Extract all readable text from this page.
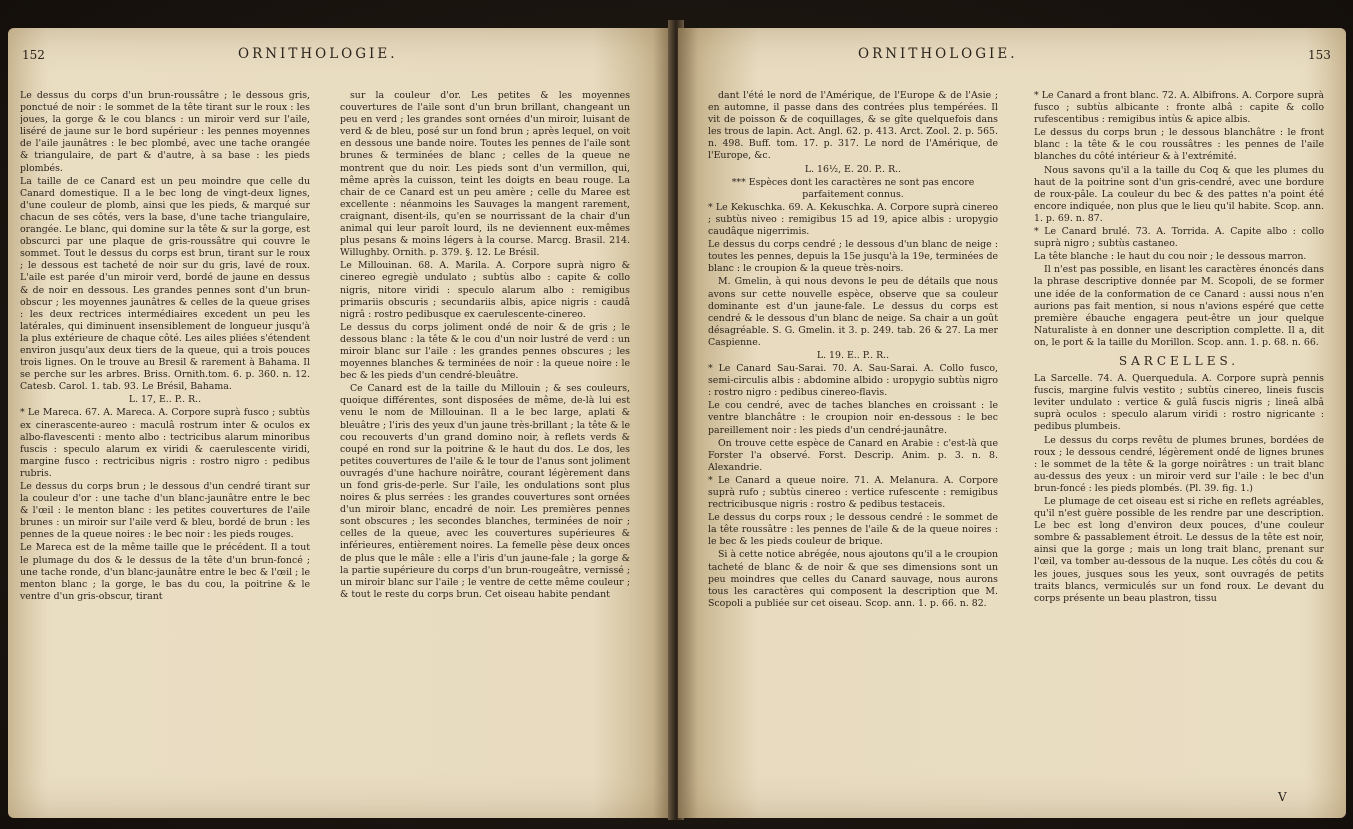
152	ORNITHOLOGIE.

Le dessus du corps d'un brun-roussâtre ; le dessous gris, ponctué de noir : le sommet de la tête tirant sur le roux : les joues, la gorge & le cou blancs : un miroir verd sur l'aile, liséré de jaune sur le bord supérieur : les pennes moyennes de l'aile jaunâtres : le bec plombé, avec une tache orangée & triangulaire, de part & d'autre, à sa base : les pieds plombés.

La taille de ce Canard est un peu moindre que celle du Canard domestique. Il a le bec long de vingt-deux lignes, d'une couleur de plomb, ainsi que les pieds, & marqué sur chacun de ses côtés, vers la base, d'une tache triangulaire, orangée. Le blanc, qui domine sur la tête & sur la gorge, est obscurci par une plaque de gris-roussâtre qui couvre le sommet. Tout le dessus du corps est brun, tirant sur le roux ; le dessous est tacheté de noir sur du gris, lavé de roux. L'aile est parée d'un miroir verd, bordé de jaune en dessus & de noir en dessous. Les grandes pennes sont d'un brun-obscur ; les moyennes jaunâtres & celles de la queue grises : les deux rectrices intermédiaires excedent un peu les latérales, qui diminuent insensiblement de longueur jusqu'à la plus extérieure de chaque côté. Les ailes pliées s'étendent environ jusqu'aux deux tiers de la queue, qui a trois pouces trois lignes. On le trouve au Bresil & rarement à Bahama. Il se perche sur les arbres. Briss. Ornith.tom. 6. p. 360. n. 12. Catesb. Carol. 1. tab. 93. Le Brésil, Bahama.

L. 17, E.. P.. R..

* Le Mareca. 67. A. Mareca. A. Corpore suprà fusco ; subtùs ex cinerascente-aureo : maculâ rostrum inter & oculos ex albo-flavescenti : mento albo : tectricibus alarum minoribus fuscis : speculo alarum ex viridi & caerulescente viridi, margine fusco : rectricibus nigris : rostro nigro : pedibus rubris.

Le dessus du corps brun ; le dessous d'un cendré tirant sur la couleur d'or : une tache d'un blanc-jaunâtre entre le bec & l'œil : le menton blanc : les petites couvertures de l'aile brunes : un miroir sur l'aile verd & bleu, bordé de brun : les pennes de la queue noires : le bec noir : les pieds rouges.

Le Mareca est de la même taille que le précédent. Il a tout le plumage du dos & le dessus de la tête d'un brun-foncé ; une tache ronde, d'un blanc-jaunâtre entre le bec & l'œil ; le menton blanc ; la gorge, le bas du cou, la poitrine & le ventre d'un gris-obscur, tirant

sur la couleur d'or. Les petites & les moyennes couvertures de l'aile sont d'un brun brillant, changeant un peu en verd ; les grandes sont ornées d'un miroir, luisant de verd & de bleu, posé sur un fond brun ; après lequel, on voit en dessous une bande noire. Toutes les pennes de l'aile sont brunes & terminées de blanc ; celles de la queue ne montrent que du noir. Les pieds sont d'un vermillon, qui, même après la cuisson, teint les doigts en beau rouge. La chair de ce Canard est un peu amère ; celle du Maree est excellente : néanmoins les Sauvages la mangent rarement, craignant, disent-ils, qu'en se nourrissant de la chair d'un animal qui leur paroît lourd, ils ne deviennent eux-mêmes plus pesans & moins légers à la course. Marcg. Brasil. 214. Willughby. Ornith. p. 379. §. 12. Le Brésil.

Le Millouinan. 68. A. Marila. A. Corpore suprà nigro & cinereo egregiè undulato ; subtùs albo : capite & collo nigris, nitore viridi : speculo alarum albo : remigibus primariis obscuris ; secundariis albis, apice nigris : caudâ nigrâ : rostro pedibusque ex caerulescente-cinereo.

Le dessus du corps joliment ondé de noir & de gris ; le dessous blanc : la tête & le cou d'un noir lustré de verd : un miroir blanc sur l'aile : les grandes pennes obscures ; les moyennes blanches & terminées de noir : la queue noire : le bec & les pieds d'un cendré-bleuâtre.

Ce Canard est de la taille du Millouin ; & ses couleurs, quoique différentes, sont disposées de même, de-là lui est venu le nom de Millouinan. Il a le bec large, aplati & bleuâtre ; l'iris des yeux d'un jaune très-brillant ; la tête & le cou recouverts d'un grand domino noir, à reflets verds & coupé en rond sur la poitrine & le haut du dos. Le dos, les petites couvertures de l'aile & le tour de l'anus sont joliment ouvragés d'une hachure noirâtre, courant légèrement dans un fond gris-de-perle. Sur l'aile, les ondulations sont plus noires & plus serrées : les grandes couvertures sont ornées d'un miroir blanc, encadré de noir. Les premières pennes sont obscures ; les secondes blanches, terminées de noir ; celles de la queue, avec les couvertures supérieures & inférieures, entièrement noires. La femelle pèse deux onces de plus que le mâle : elle a l'iris d'un jaune-fale ; la gorge & la partie supérieure du corps d'un brun-rougeâtre, vernissé ; un miroir blanc sur l'aile ; le ventre de cette même couleur ; & tout le reste du corps brun. Cet oiseau habite pendant

ORNITHOLOGIE.	153

dant l'été le nord de l'Amérique, de l'Europe & de l'Asie ; en automne, il passe dans des contrées plus tempérées. Il vit de poisson & de coquillages, & se gîte quelquefois dans les trous de lapin. Act. Angl. 62. p. 413. Arct. Zool. 2. p. 565. n. 498. Buff. tom. 17. p. 317. Le nord de l'Amérique, de l'Europe, &c.

L. 16½, E. 20. P.. R..

*** Espèces dont les caractères ne sont pas encore parfaitement connus.

* Le Kekuschka. 69. A. Kekuschka. A. Corpore suprà cinereo ; subtùs niveo : remigibus 15 ad 19, apice albis : uropygio caudâque nigerrimis.

Le dessus du corps cendré ; le dessous d'un blanc de neige : toutes les pennes, depuis la 15e jusqu'à la 19e, terminées de blanc : le croupion & la queue très-noirs.

M. Gmelin, à qui nous devons le peu de détails que nous avons sur cette nouvelle espèce, observe que sa couleur dominante est d'un jaune-fale. Le dessus du corps est cendré & le dessous d'un blanc de neige. Sa chair a un goût désagréable. S. G. Gmelin. it 3. p. 249. tab. 26 & 27. La mer Caspienne.

L. 19. E.. P.. R..

* Le Canard Sau-Sarai. 70. A. Sau-Sarai. A. Collo fusco, semi-circulis albis : abdomine albido : uropygio subtùs nigro : rostro nigro : pedibus cinereo-flavis.

Le cou cendré, avec de taches blanches en croissant : le ventre blanchâtre : le croupion noir en-dessous : le bec pareillement noir : les pieds d'un cendré-jaunâtre.

On trouve cette espèce de Canard en Arabie : c'est-là que Forster l'a observé. Forst. Descrip. Anim. p. 3. n. 8. Alexandrie.

* Le Canard a queue noire. 71. A. Melanura. A. Corpore suprà rufo ; subtùs cinereo : vertice rufescente : remigibus rectricibusque nigris : rostro & pedibus testaceis.

Le dessus du corps roux ; le dessous cendré : le sommet de la tête roussâtre : les pennes de l'aile & de la queue noires : le bec & les pieds couleur de brique.

Si à cette notice abrégée, nous ajoutons qu'il a le croupion tacheté de blanc & de noir & que ses dimensions sont un peu moindres que celles du Canard sauvage, nous aurons tous les caractères qui composent la description que M. Scopoli a publiée sur cet oiseau. Scop. ann. 1. p. 66. n. 82.

* Le Canard a front blanc. 72. A. Albifrons. A. Corpore suprà fusco ; subtùs albicante : fronte albâ : capite & collo rufescentibus : remigibus intùs & apice albis.

Le dessus du corps brun ; le dessous blanchâtre : le front blanc : la tête & le cou roussâtres : les pennes de l'aile blanches du côté intérieur & à l'extrémité.

Nous savons qu'il a la taille du Coq & que les plumes du haut de la poitrine sont d'un gris-cendré, avec une bordure de roux-pâle. La couleur du bec & des pattes n'a point été encore indiquée, non plus que le lieu qu'il habite. Scop. ann. 1. p. 69. n. 87.

* Le Canard brulé. 73. A. Torrida. A. Capite albo : collo suprà nigro ; subtùs castaneo.

La tête blanche : le haut du cou noir ; le dessous marron.

Il n'est pas possible, en lisant les caractères énoncés dans la phrase descriptive donnée par M. Scopoli, de se former une idée de la conformation de ce Canard : aussi nous n'en aurions pas fait mention, si nous n'avions espéré que cette première ébauche engagera peut-être un jour quelque Naturaliste à en donner une description complette. Il a, dit on, le port & la taille du Morillon. Scop. ann. 1. p. 68. n. 66.

SARCELLES.

La Sarcelle. 74. A. Querquedula. A. Corpore suprà pennis fuscis, margine fulvis vestito ; subtùs cinereo, lineis fuscis leviter undulato : vertice & gulâ fuscis nigris ; lineâ albâ suprà oculos : speculo alarum viridi : rostro nigricante : pedibus plumbeis.

Le dessus du corps revêtu de plumes brunes, bordées de roux ; le dessous cendré, légèrement ondé de lignes brunes : le sommet de la tête & la gorge noirâtres : un trait blanc au-dessus des yeux : un miroir verd sur l'aile : le bec d'un brun-foncé : les pieds plombés. (Pl. 39. fig. 1.)

Le plumage de cet oiseau est si riche en reflets agréables, qu'il n'est guère possible de les rendre par une description. Le bec est long d'environ deux pouces, d'une couleur sombre & passablement étroit. Le dessus de la tête est noir, ainsi que la gorge ; mais un long trait blanc, prenant sur l'œil, va tomber au-dessous de la nuque. Les côtés du cou & les joues, jusques sous les yeux, sont ouvragés de petits traits blancs, vermiculés sur un fond roux. Le devant du corps présente un beau plastron, tissu

V
